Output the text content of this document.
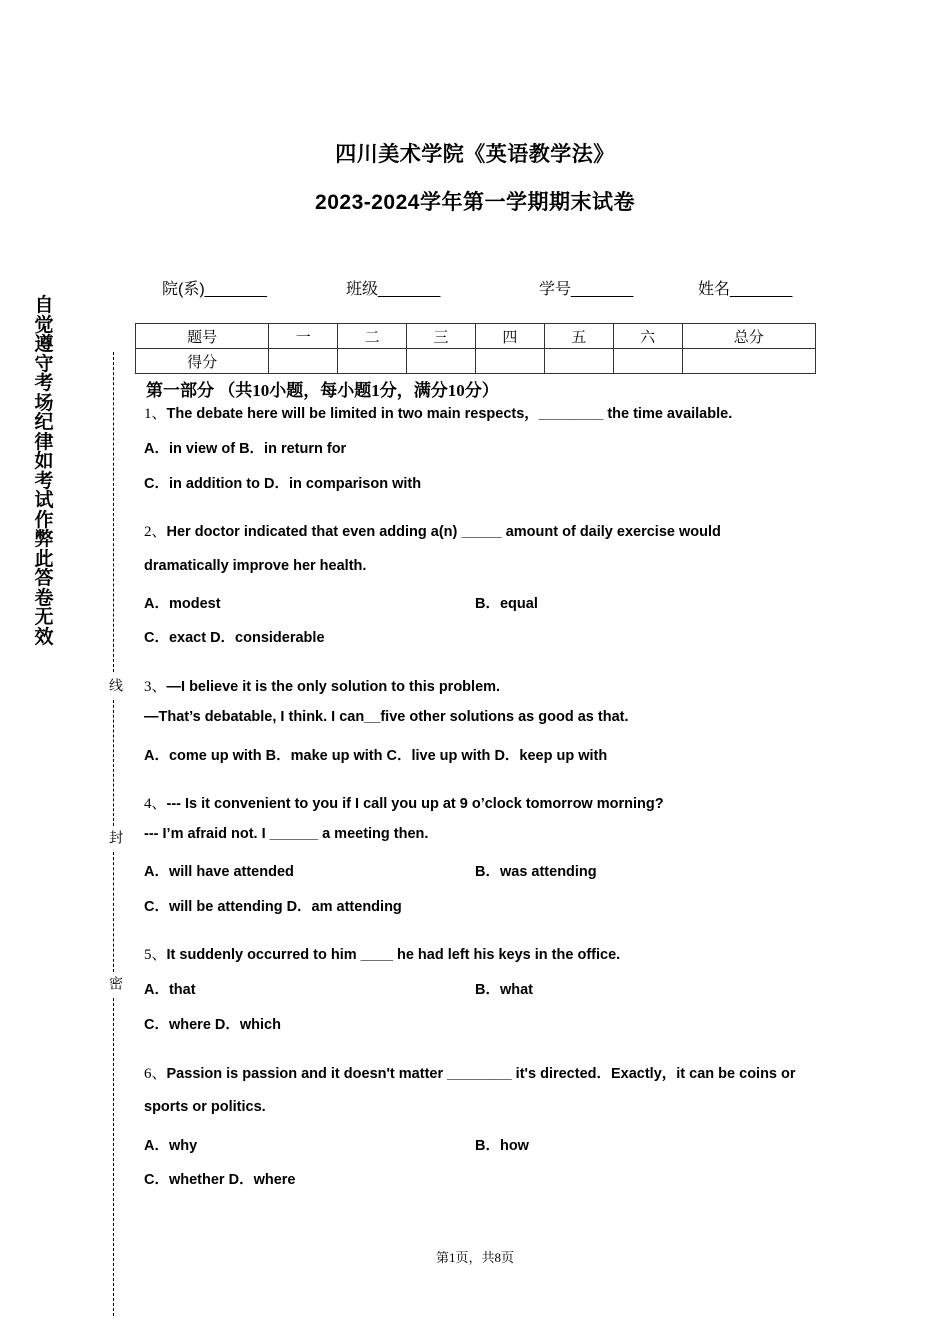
四川美术学院《英语教学法》
2023-2024学年第一学期期末试卷
院(系)_______	班级_______	学号_______	姓名_______
题号	一	二	三	四	五	六	总分
得分							
自觉遵守考场纪律如考试作弊此答卷无效
线
封
密
第一部分 （共10小题，每小题1分，满分10分）
1、The debate here will be limited in two main respects，________ the time available.
A．in view of B．in return for
C．in addition to D．in comparison with
2、Her doctor indicated that even adding a(n) _____ amount of daily exercise would
dramatically improve her health.
A．modest	B．equal
C．exact D．considerable
3、—I believe it is the only solution to this problem.
—That’s debatable, I think. I can__five other solutions as good as that.
A．come up with B．make up with C．live up with D．keep up with
4、--- Is it convenient to you if I call you up at 9 o’clock tomorrow morning?
--- I’m afraid not. I ______ a meeting then.
A．will have attended	B．was attending
C．will be attending D．am attending
5、It suddenly occurred to him ____ he had left his keys in the office.
A．that	B．what
C．where D．which
6、Passion is passion and it doesn't matter ________ it's directed．Exactly，it can be coins or
sports or politics.
A．why	B．how
C．whether D．where
第1页，共8页
